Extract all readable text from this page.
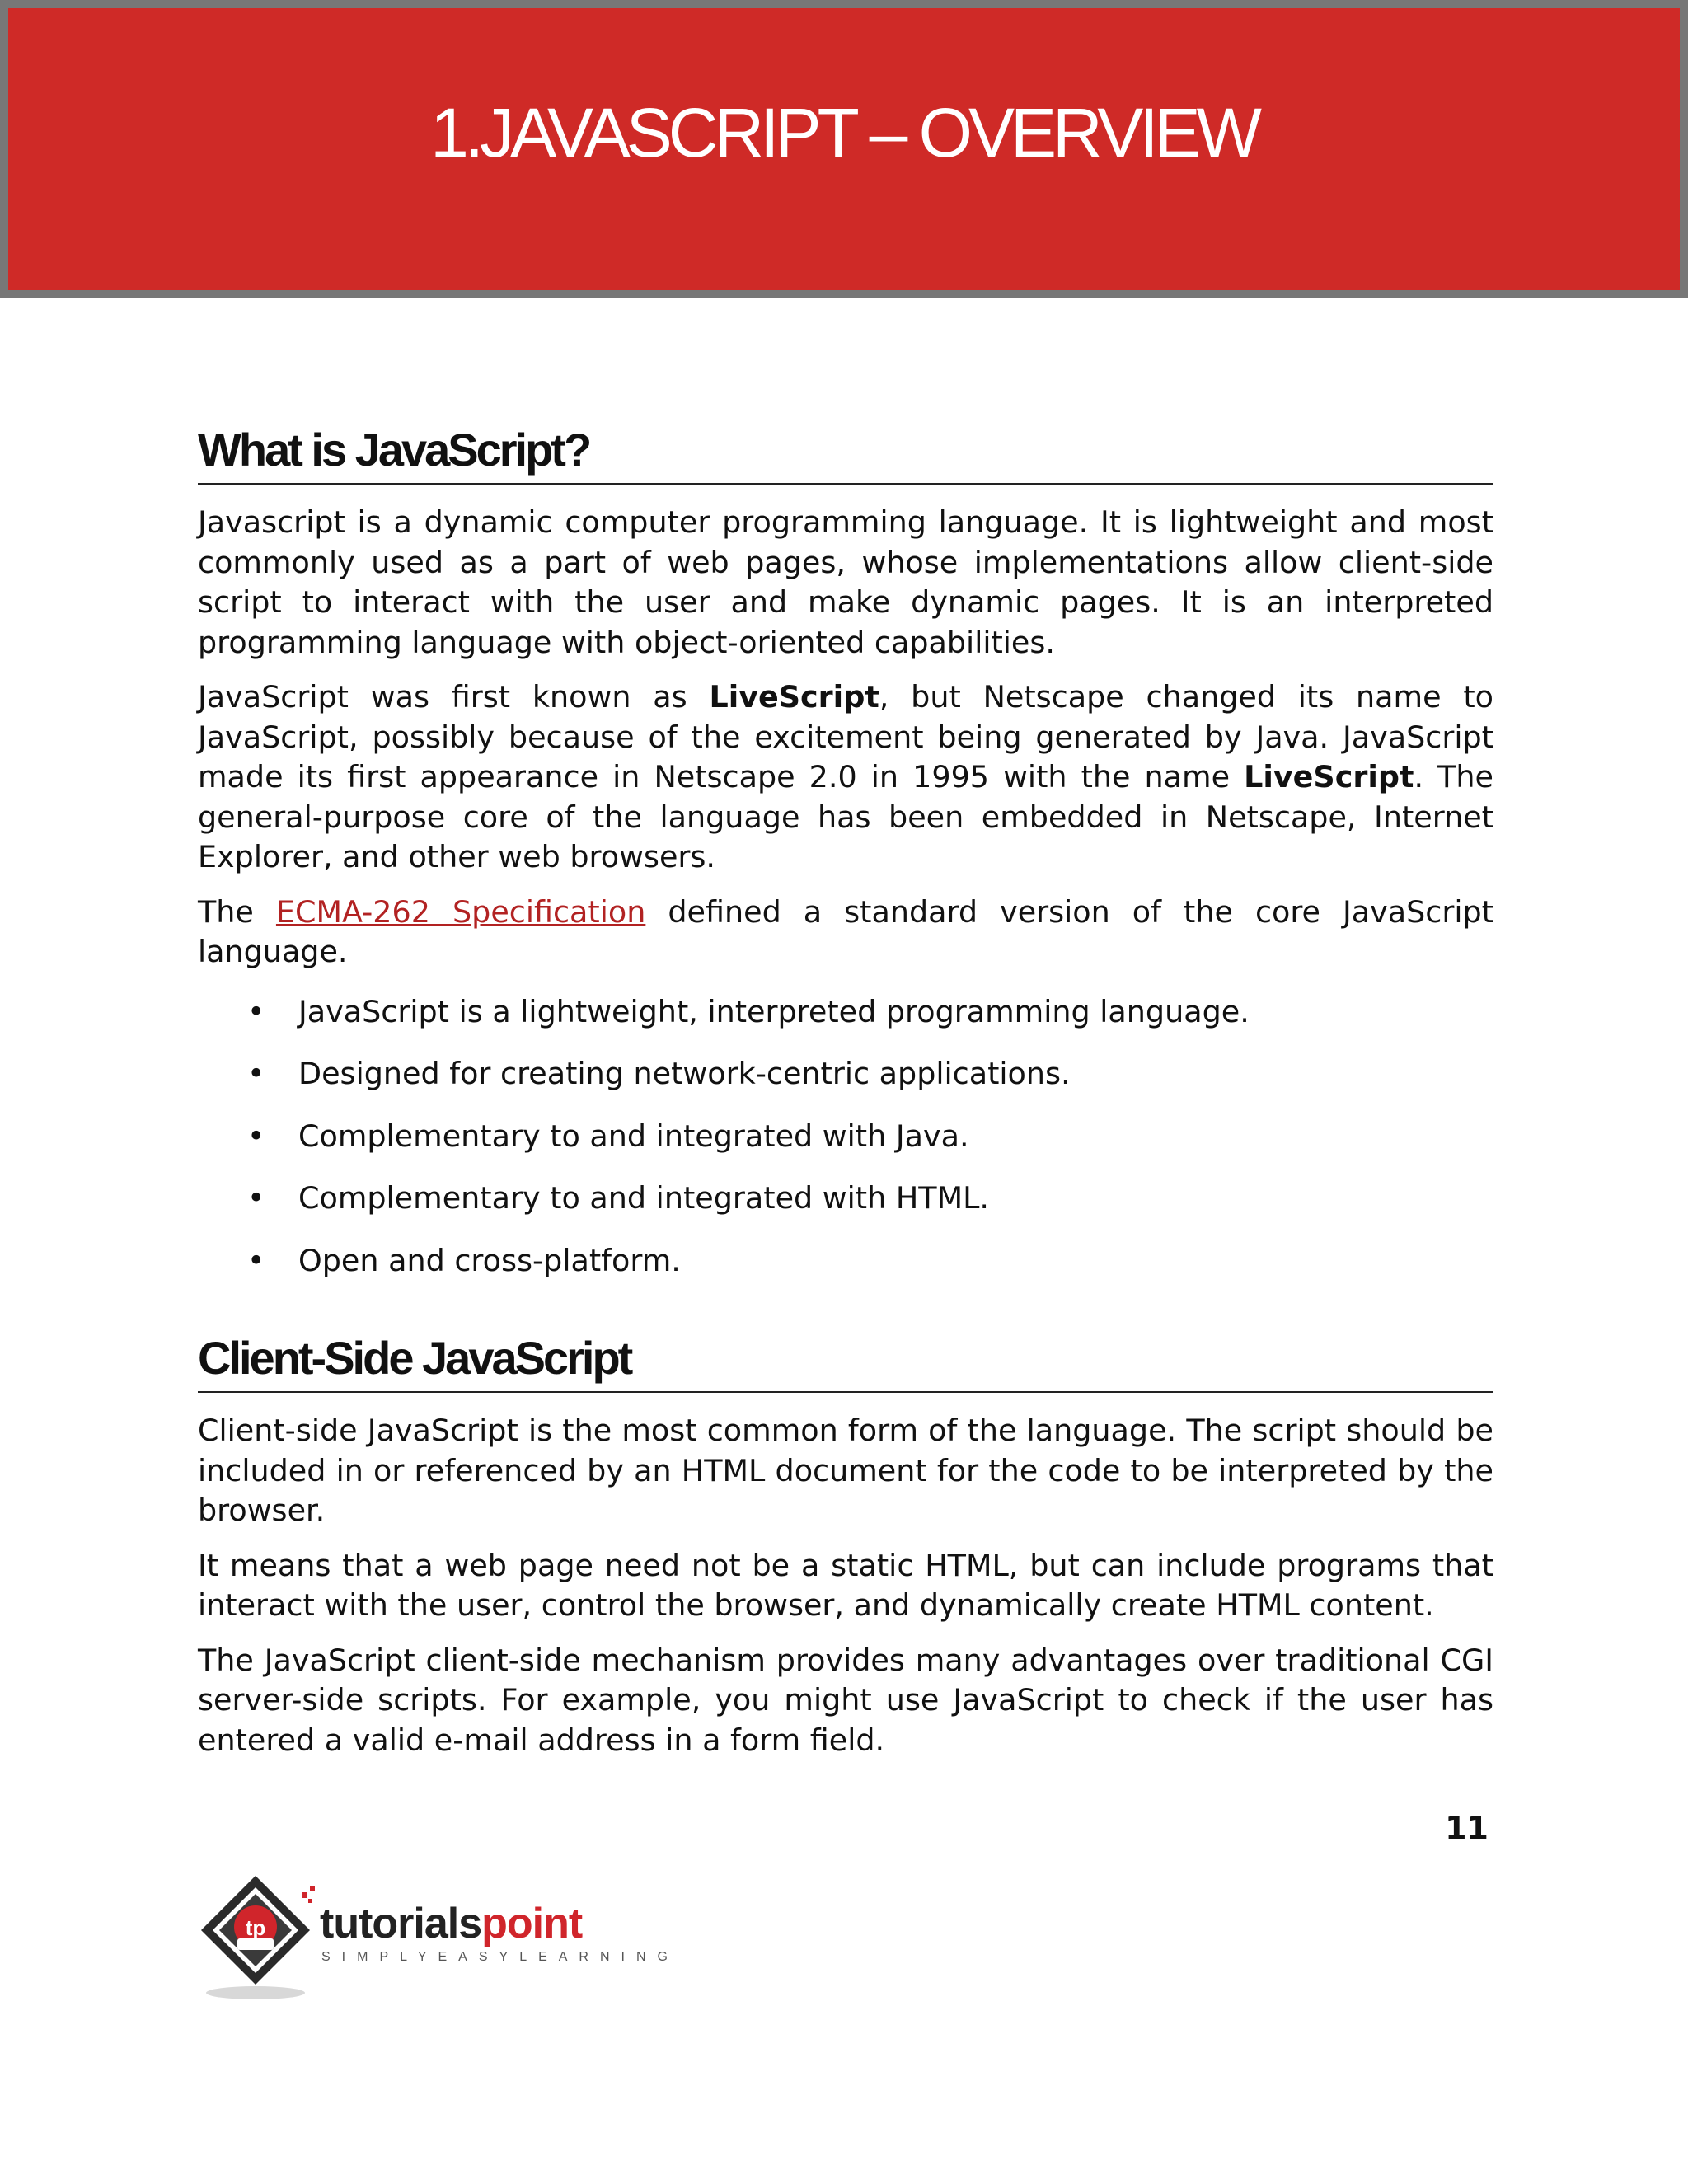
1.JAVASCRIPT – OVERVIEW
What is JavaScript?

Javascript is a dynamic computer programming language. It is lightweight and most commonly used as a part of web pages, whose implementations allow client-side script to interact with the user and make dynamic pages. It is an interpreted programming language with object-oriented capabilities.

JavaScript was first known as LiveScript, but Netscape changed its name to JavaScript, possibly because of the excitement being generated by Java. JavaScript made its first appearance in Netscape 2.0 in 1995 with the name LiveScript. The general-purpose core of the language has been embedded in Netscape, Internet Explorer, and other web browsers.

The ECMA-262 Specification defined a standard version of the core JavaScript language.

• JavaScript is a lightweight, interpreted programming language.
• Designed for creating network-centric applications.
• Complementary to and integrated with Java.
• Complementary to and integrated with HTML.
• Open and cross-platform.
Client-Side JavaScript

Client-side JavaScript is the most common form of the language. The script should be included in or referenced by an HTML document for the code to be interpreted by the browser.

It means that a web page need not be a static HTML, but can include programs that interact with the user, control the browser, and dynamically create HTML content.

The JavaScript client-side mechanism provides many advantages over traditional CGI server-side scripts. For example, you might use JavaScript to check if the user has entered a valid e-mail address in a form field.

11
tp tutorialspoint
SIMPLYEASYLEARNING
